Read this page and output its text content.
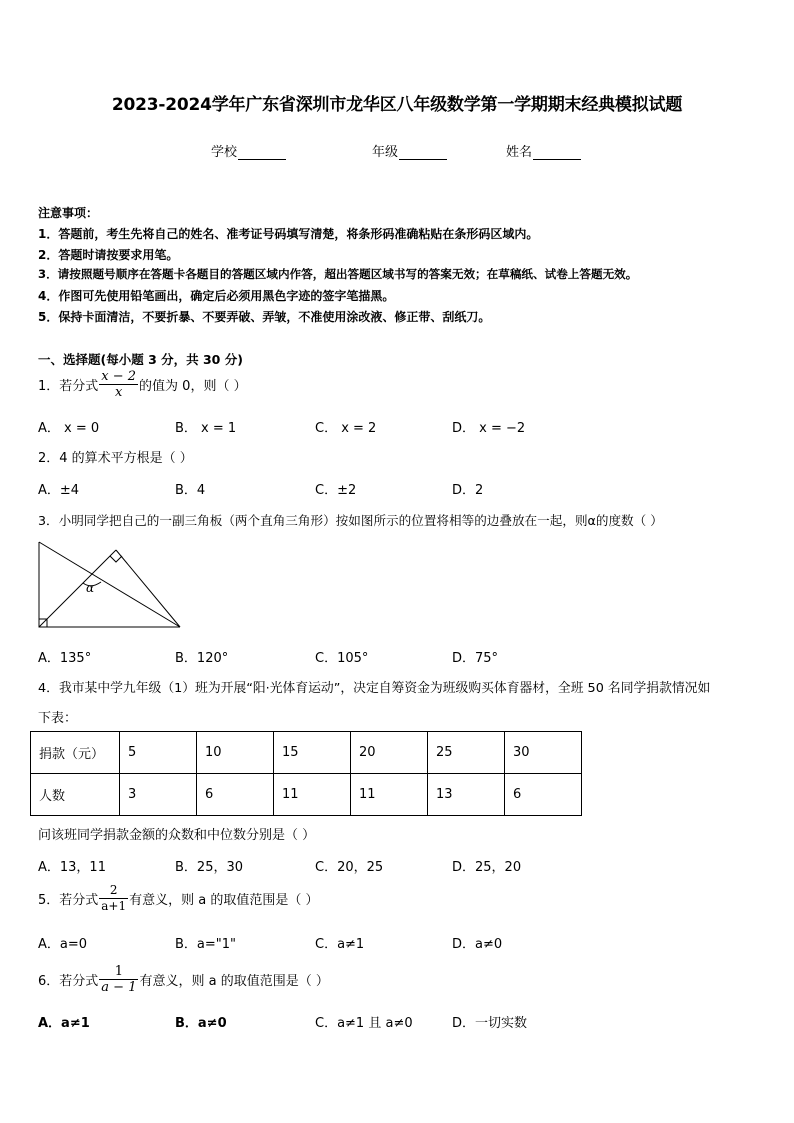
2023-2024学年广东省深圳市龙华区八年级数学第一学期期末经典模拟试题
学校	年级	姓名
注意事项：
1．答题前，考生先将自己的姓名、准考证号码填写清楚，将条形码准确粘贴在条形码区域内。
2．答题时请按要求用笔。
3．请按照题号顺序在答题卡各题目的答题区域内作答，超出答题区域书写的答案无效；在草稿纸、试卷上答题无效。
4．作图可先使用铅笔画出，确定后必须用黑色字迹的签字笔描黑。
5．保持卡面清洁，不要折暴、不要弄破、弄皱，不准使用涂改液、修正带、刮纸刀。
一、选择题(每小题 3 分，共 30 分)
1．若分式 $\frac{x - 2}{x}$ 的值为 0，则（ ）
A． x = 0	B． x = 1	C． x = 2	D． x = −2
2．4 的算术平方根是（ ）
A．±4	B．4	C．±2	D．2
3．小明同学把自己的一副三角板（两个直角三角形）按如图所示的位置将相等的边叠放在一起，则α的度数（ ）
α
A．135°	B．120°	C．105°	D．75°
4．我市某中学九年级（1）班为开展“阳·光体育运动”，决定自筹资金为班级购买体育器材，全班 50 名同学捐款情况如
下表：
捐款（元）	5	10	15	20	25	30
人数	3	6	11	11	13	6
问该班同学捐款金额的众数和中位数分别是（ ）
A．13，11	B．25，30	C．20，25	D．25，20
5．若分式 $\frac{2}{a+1}$ 有意义，则 a 的取值范围是（ ）
A．a=0	B．a="1"	C．a≠1	D．a≠0
6．若分式 $\frac{1}{a - 1}$ 有意义，则 a 的取值范围是（ ）
A．a≠1	B．a≠0	C．a≠1 且 a≠0	D．一切实数
